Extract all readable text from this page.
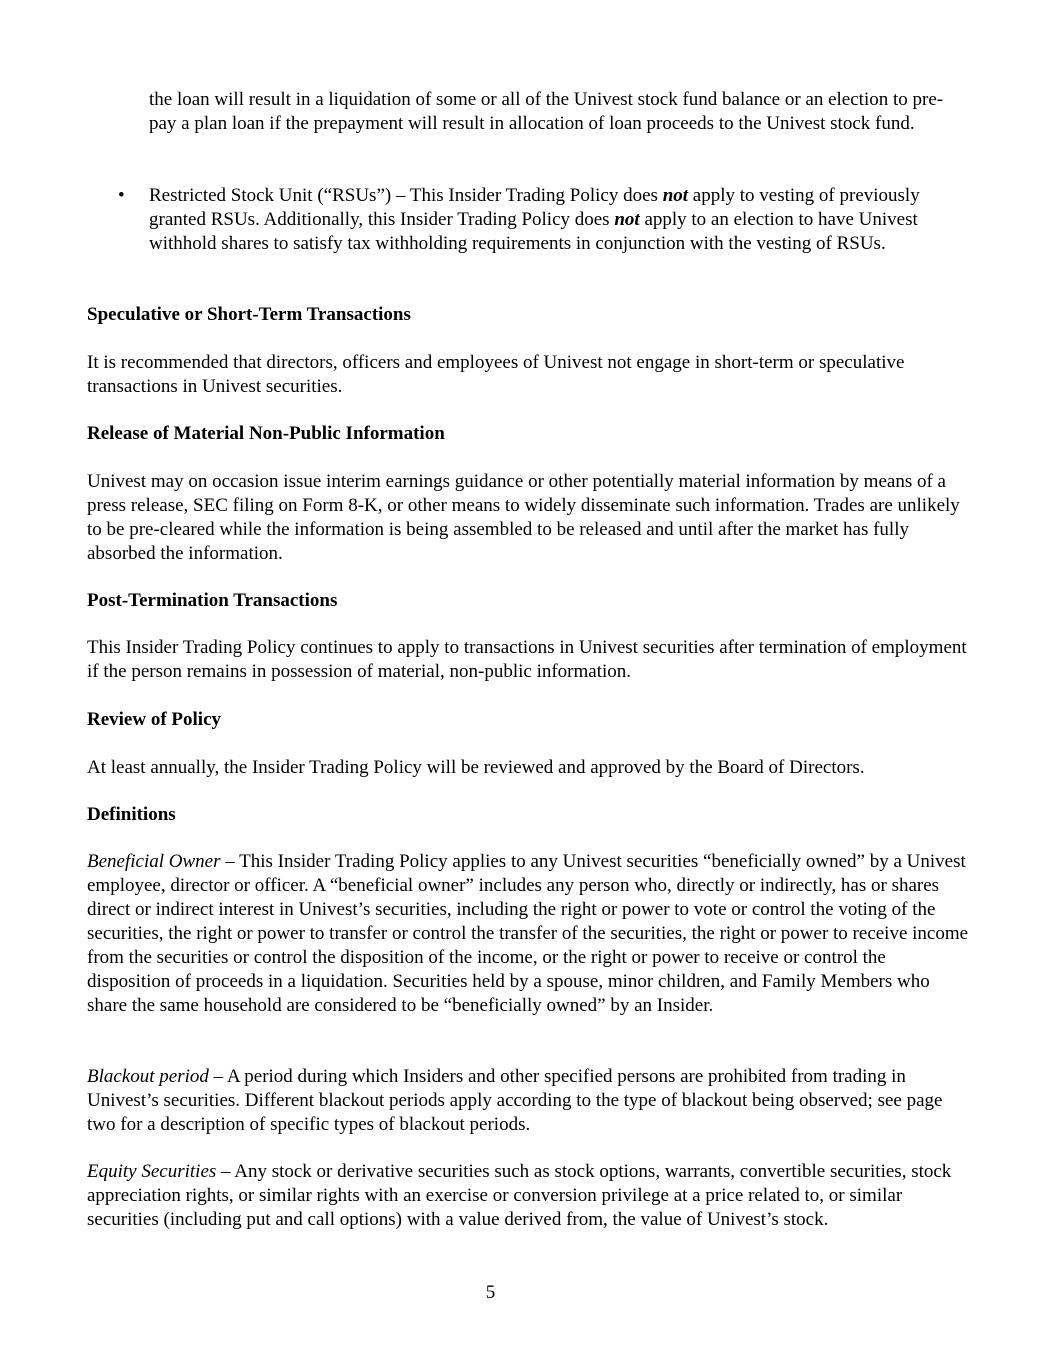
the loan will result in a liquidation of some or all of the Univest stock fund balance or an election to pre-pay a plan loan if the prepayment will result in allocation of loan proceeds to the Univest stock fund.

• Restricted Stock Unit (“RSUs”) – This Insider Trading Policy does not apply to vesting of previously granted RSUs. Additionally, this Insider Trading Policy does not apply to an election to have Univest withhold shares to satisfy tax withholding requirements in conjunction with the vesting of RSUs.

Speculative or Short-Term Transactions

It is recommended that directors, officers and employees of Univest not engage in short-term or speculative transactions in Univest securities.

Release of Material Non-Public Information

Univest may on occasion issue interim earnings guidance or other potentially material information by means of a press release, SEC filing on Form 8-K, or other means to widely disseminate such information. Trades are unlikely to be pre-cleared while the information is being assembled to be released and until after the market has fully absorbed the information.

Post-Termination Transactions

This Insider Trading Policy continues to apply to transactions in Univest securities after termination of employment if the person remains in possession of material, non-public information.

Review of Policy

At least annually, the Insider Trading Policy will be reviewed and approved by the Board of Directors.

Definitions

Beneficial Owner – This Insider Trading Policy applies to any Univest securities “beneficially owned” by a Univest employee, director or officer. A “beneficial owner” includes any person who, directly or indirectly, has or shares direct or indirect interest in Univest’s securities, including the right or power to vote or control the voting of the securities, the right or power to transfer or control the transfer of the securities, the right or power to receive income from the securities or control the disposition of the income, or the right or power to receive or control the disposition of proceeds in a liquidation. Securities held by a spouse, minor children, and Family Members who share the same household are considered to be “beneficially owned” by an Insider.

Blackout period – A period during which Insiders and other specified persons are prohibited from trading in Univest’s securities. Different blackout periods apply according to the type of blackout being observed; see page two for a description of specific types of blackout periods.

Equity Securities – Any stock or derivative securities such as stock options, warrants, convertible securities, stock appreciation rights, or similar rights with an exercise or conversion privilege at a price related to, or similar securities (including put and call options) with a value derived from, the value of Univest’s stock.

5
